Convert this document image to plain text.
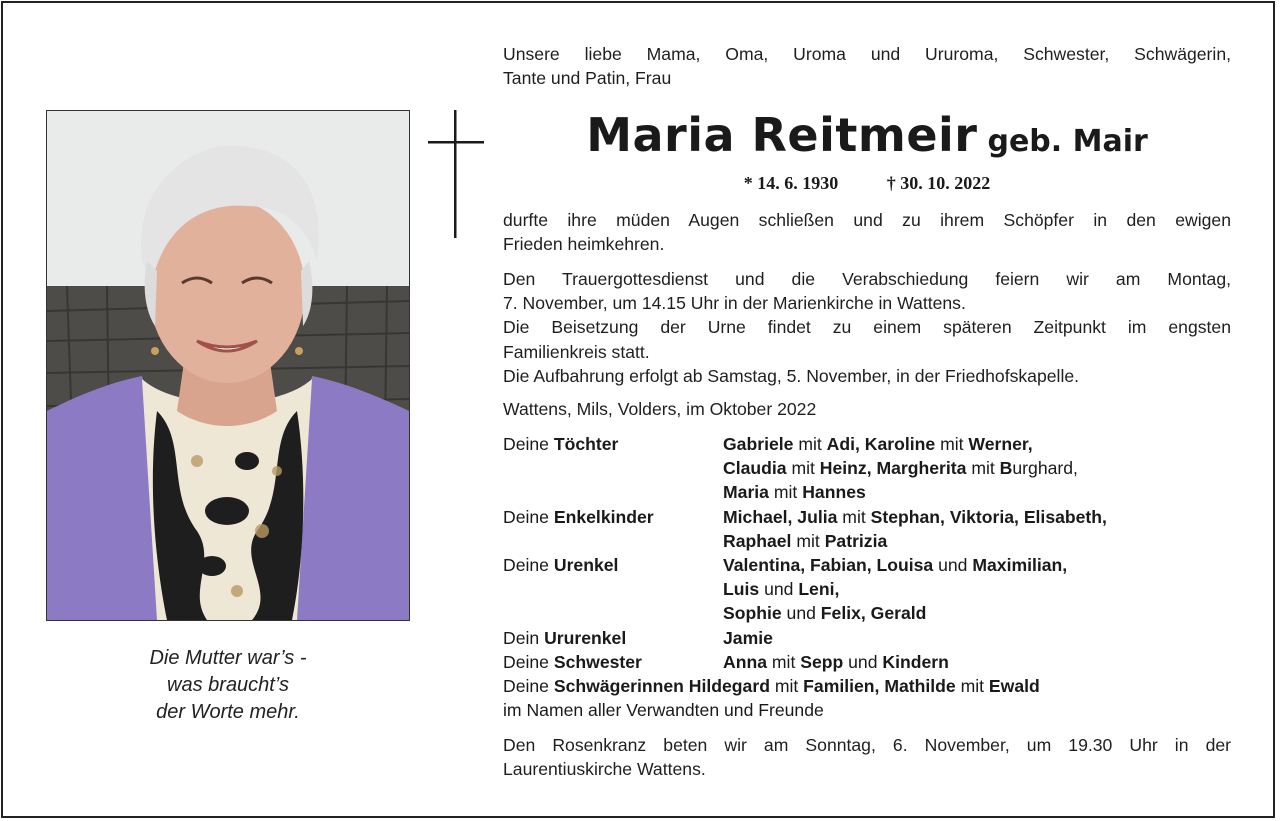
Unsere liebe Mama, Oma, Uroma und Ururoma, Schwester, Schwägerin,
Tante und Patin, Frau
Die Mutter war’s -
was braucht’s
der Worte mehr.
Maria Reitmeir geb. Mair
* 14. 6. 1930	† 30. 10. 2022
durfte ihre müden Augen schließen und zu ihrem Schöpfer in den ewigen
Frieden heimkehren.
Den Trauergottesdienst und die Verabschiedung feiern wir am Montag,
7. November, um 14.15 Uhr in der Marienkirche in Wattens.
Die Beisetzung der Urne findet zu einem späteren Zeitpunkt im engsten
Familienkreis statt.
Die Aufbahrung erfolgt ab Samstag, 5. November, in der Friedhofskapelle.
Wattens, Mils, Volders, im Oktober 2022
Deine Töchter	Gabriele mit Adi, Karoline mit Werner,
Claudia mit Heinz, Margherita mit Burghard,
Maria mit Hannes
Deine Enkelkinder	Michael, Julia mit Stephan, Viktoria, Elisabeth,
Raphael mit Patrizia
Deine Urenkel	Valentina, Fabian, Louisa und Maximilian,
Luis und Leni,
Sophie und Felix, Gerald
Dein Ururenkel	Jamie
Deine Schwester	Anna mit Sepp und Kindern
Deine Schwägerinnen Hildegard mit Familien, Mathilde mit Ewald
im Namen aller Verwandten und Freunde
Den Rosenkranz beten wir am Sonntag, 6. November, um 19.30 Uhr in der
Laurentiuskirche Wattens.
